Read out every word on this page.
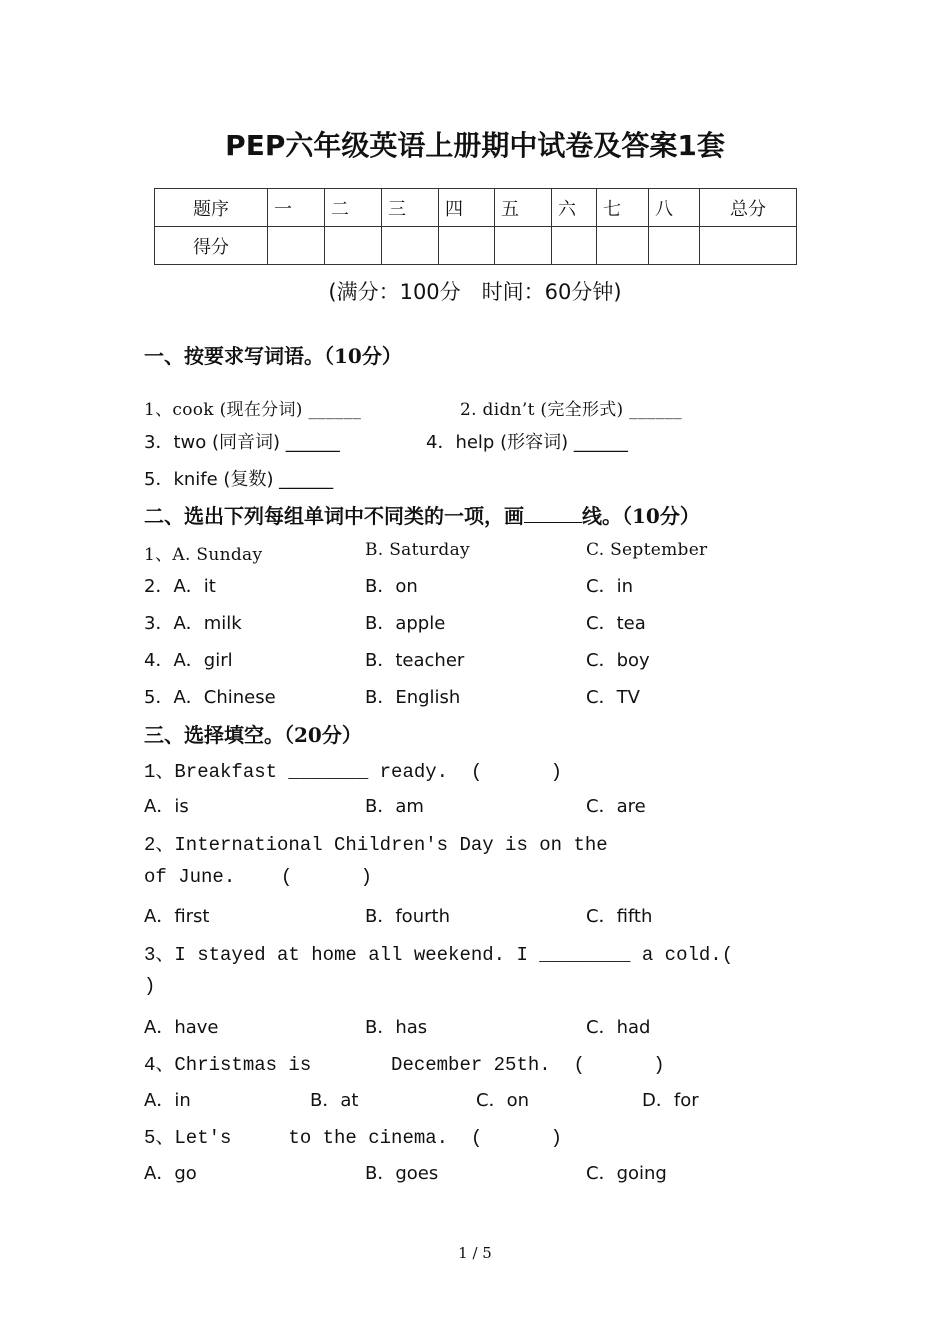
PEP六年级英语上册期中试卷及答案1套
题序	一	二	三	四	五	六	七	八	总分
得分									
(满分：100分　时间：60分钟)
一、按要求写词语。（10分）
1、cook (现在分词) ______	2. didn’t (完全形式) ______
3．two (同音词) ______	4．help (形容词) ______
5．knife (复数) ______
二、选出下列每组单词中不同类的一项，画	线。（10分）
1、A. Sunday	B. Saturday	C. September
2．A．it	B．on	C．in
3．A．milk	B．apple	C．tea
4．A．girl	B．teacher	C．boy
5．A．Chinese	B．English	C．TV
三、选择填空。（20分）
1、Breakfast _______ ready.  (      )
A．is	B．am	C．are
2、International Children's Day is on the
of June.    (      )
A．first	B．fourth	C．fifth
3、I stayed at home all weekend. I ________ a cold.(
)
A．have	B．has	C．had
4、Christmas is       December 25th.  (      )
A．in	B．at	C．on	D．for
5、Let's     to the cinema.  (      )
A．go	B．goes	C．going
1 / 5
